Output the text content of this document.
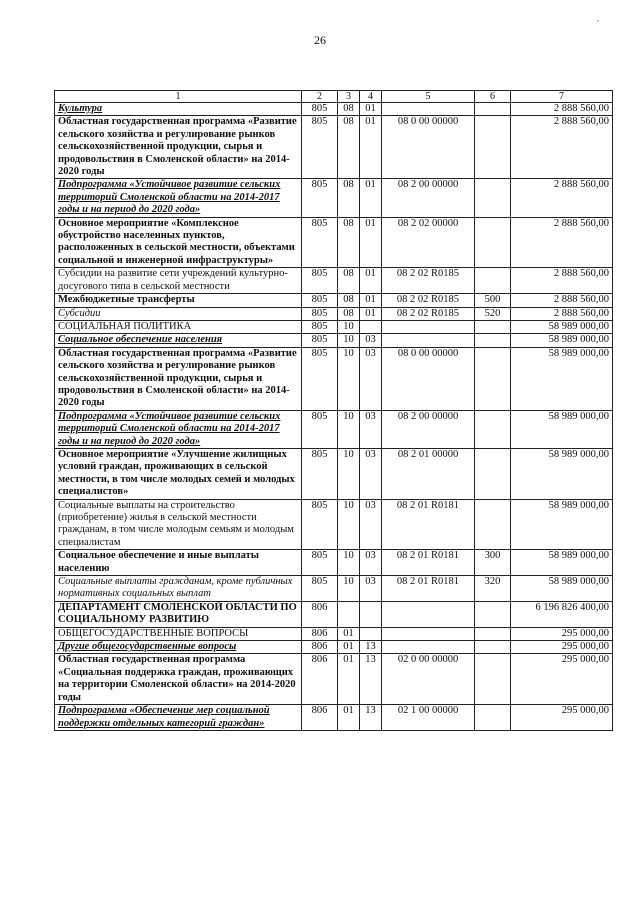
26
,
1	2	3	4	5	6	7
Культура	805	08	01			2 888 560,00
Областная государственная программа «Развитие сельского хозяйства и регулирование рынков сельскохозяйственной продукции, сырья и продовольствия в Смоленской области» на 2014-2020 годы	805	08	01	08 0 00 00000		2 888 560,00
Подпрограмма «Устойчивое развитие сельских территорий Смоленской области на 2014-2017 годы и на период до 2020 года»	805	08	01	08 2 00 00000		2 888 560,00
Основное мероприятие «Комплексное обустройство населенных пунктов, расположенных в сельской местности, объектами социальной и инженерной инфраструктуры»	805	08	01	08 2 02 00000		2 888 560,00
Субсидии на развитие сети учреждений культурно-досугового типа в сельской местности	805	08	01	08 2 02 R0185		2 888 560,00
Межбюджетные трансферты	805	08	01	08 2 02 R0185	500	2 888 560,00
Субсидии	805	08	01	08 2 02 R0185	520	2 888 560,00
СОЦИАЛЬНАЯ ПОЛИТИКА	805	10				58 989 000,00
Социальное обеспечение населения	805	10	03			58 989 000,00
Областная государственная программа «Развитие сельского хозяйства и регулирование рынков сельскохозяйственной продукции, сырья и продовольствия в Смоленской области» на 2014-2020 годы	805	10	03	08 0 00 00000		58 989 000,00
Подпрограмма «Устойчивое развитие сельских территорий Смоленской области на 2014-2017 годы и на период до 2020 года»	805	10	03	08 2 00 00000		58 989 000,00
Основное мероприятие «Улучшение жилищных условий граждан, проживающих в сельской местности, в том числе молодых семей и молодых специалистов»	805	10	03	08 2 01 00000		58 989 000,00
Социальные выплаты на строительство (приобретение) жилья в сельской местности гражданам, в том числе молодым семьям и молодым специалистам	805	10	03	08 2 01 R0181		58 989 000,00
Социальное обеспечение и иные выплаты населению	805	10	03	08 2 01 R0181	300	58 989 000,00
Социальные выплаты гражданам, кроме публичных нормативных социальных выплат	805	10	03	08 2 01 R0181	320	58 989 000,00
ДЕПАРТАМЕНТ СМОЛЕНСКОЙ ОБЛАСТИ ПО СОЦИАЛЬНОМУ РАЗВИТИЮ	806					6 196 826 400,00
ОБЩЕГОСУДАРСТВЕННЫЕ ВОПРОСЫ	806	01				295 000,00
Другие общегосударственные вопросы	806	01	13			295 000,00
Областная государственная программа «Социальная поддержка граждан, проживающих на территории Смоленской области» на 2014-2020 годы	806	01	13	02 0 00 00000		295 000,00
Подпрограмма «Обеспечение мер социальной поддержки отдельных категорий граждан»	806	01	13	02 1 00 00000		295 000,00
